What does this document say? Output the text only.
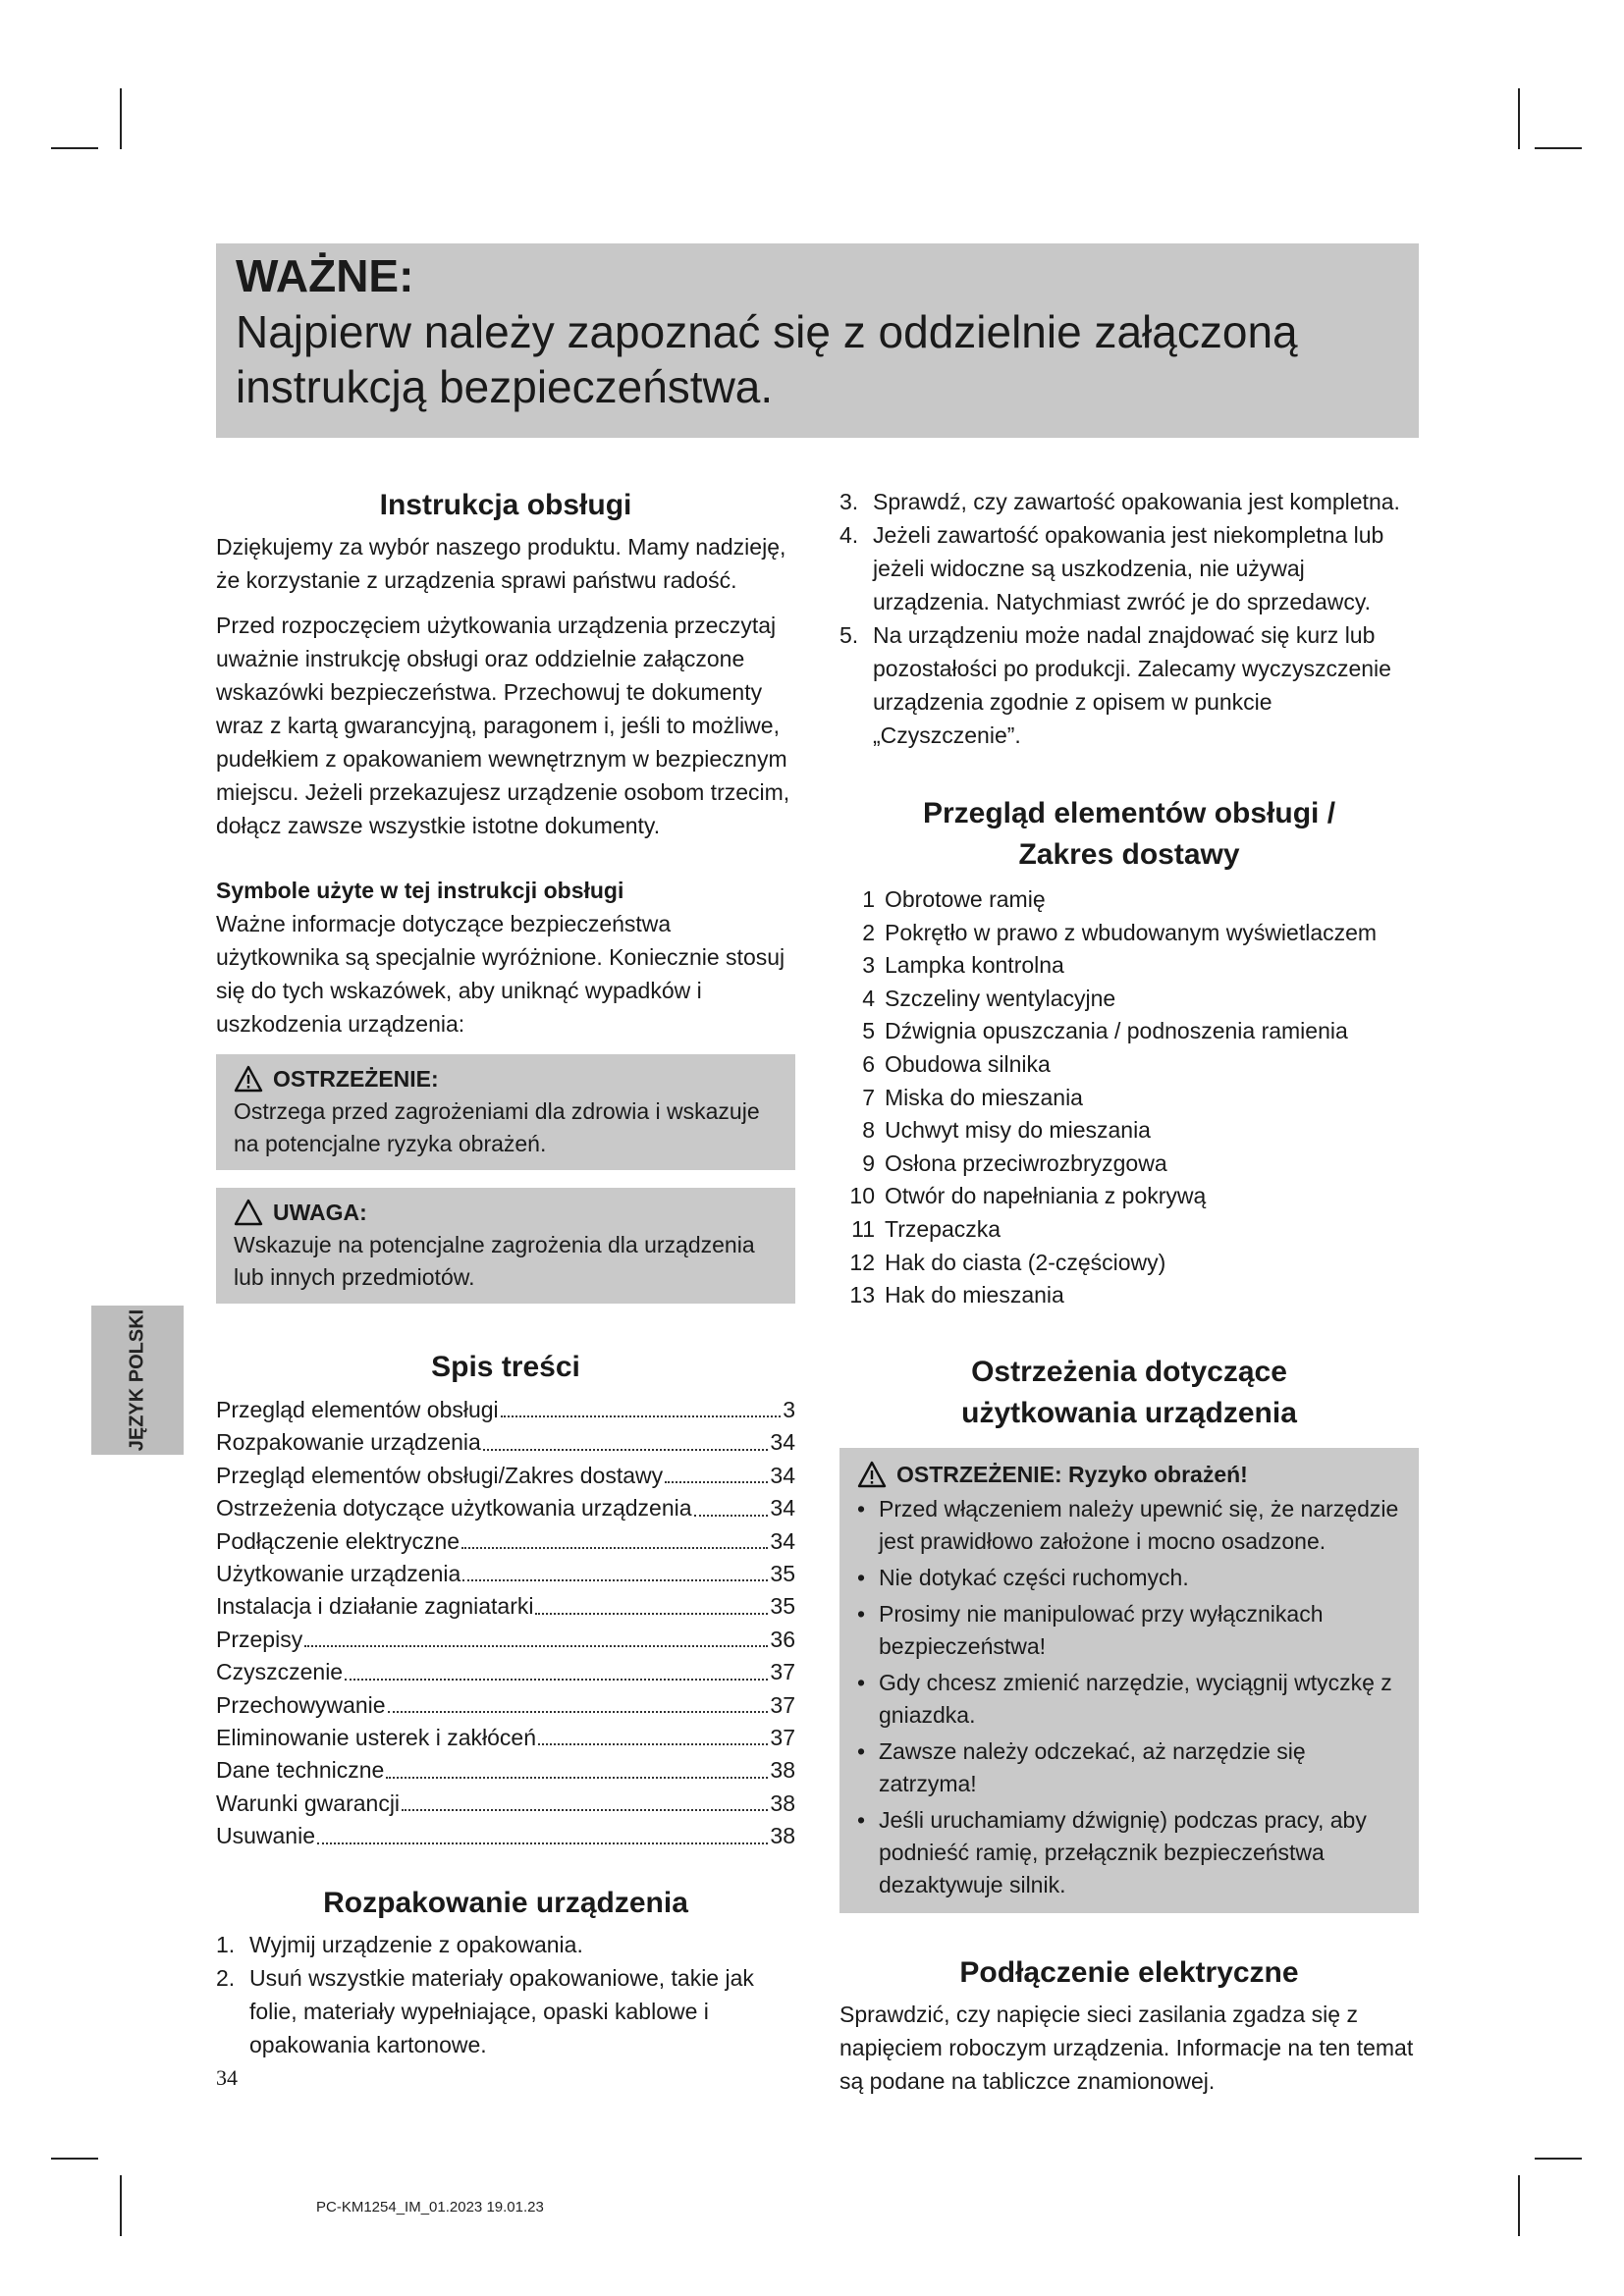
WAŻNE:
Najpierw należy zapoznać się z oddzielnie załączoną instrukcją bezpieczeństwa.
Instrukcja obsługi

Dziękujemy za wybór naszego produktu. Mamy nadzieję, że korzystanie z urządzenia sprawi państwu radość.

Przed rozpoczęciem użytkowania urządzenia przeczytaj uważnie instrukcję obsługi oraz oddzielnie załączone wskazówki bezpieczeństwa. Przechowuj te dokumenty wraz z kartą gwarancyjną, paragonem i, jeśli to możliwe, pudełkiem z opakowaniem wewnętrznym w bezpiecznym miejscu. Jeżeli przekazujesz urządzenie osobom trzecim, dołącz zawsze wszystkie istotne dokumenty.

Symbole użyte w tej instrukcji obsługi

Ważne informacje dotyczące bezpieczeństwa użytkownika są specjalnie wyróżnione. Koniecznie stosuj się do tych wskazówek, aby uniknąć wypadków i uszkodzenia urządzenia:

OSTRZEŻENIE:
Ostrzega przed zagrożeniami dla zdrowia i wskazuje na potencjalne ryzyka obrażeń.
UWAGA:
Wskazuje na potencjalne zagrożenia dla urządzenia lub innych przedmiotów.
Spis treści
Przegląd elementów obsługi	3
Rozpakowanie urządzenia	34
Przegląd elementów obsługi/Zakres dostawy	34
Ostrzeżenia dotyczące użytkowania urządzenia	34
Podłączenie elektryczne	34
Użytkowanie urządzenia	35
Instalacja i działanie zagniatarki	35
Przepisy	36
Czyszczenie	37
Przechowywanie	37
Eliminowanie usterek i zakłóceń	37
Dane techniczne	38
Warunki gwarancji	38
Usuwanie	38
Rozpakowanie urządzenia
1. Wyjmij urządzenie z opakowania.
2. Usuń wszystkie materiały opakowaniowe, takie jak folie, materiały wypełniające, opaski kablowe i opakowania kartonowe.
3. Sprawdź, czy zawartość opakowania jest kompletna.
4. Jeżeli zawartość opakowania jest niekompletna lub jeżeli widoczne są uszkodzenia, nie używaj urządzenia. Natychmiast zwróć je do sprzedawcy.
5. Na urządzeniu może nadal znajdować się kurz lub pozostałości po produkcji. Zalecamy wyczyszczenie urządzenia zgodnie z opisem w punkcie „Czyszczenie”.
Przegląd elementów obsługi /
Zakres dostawy
1 Obrotowe ramię
2 Pokrętło w prawo z wbudowanym wyświetlaczem
3 Lampka kontrolna
4 Szczeliny wentylacyjne
5 Dźwignia opuszczania / podnoszenia ramienia
6 Obudowa silnika
7 Miska do mieszania
8 Uchwyt misy do mieszania
9 Osłona przeciwrozbryzgowa
10 Otwór do napełniania z pokrywą
11 Trzepaczka
12 Hak do ciasta (2-częściowy)
13 Hak do mieszania
Ostrzeżenia dotyczące
użytkowania urządzenia
OSTRZEŻENIE: Ryzyko obrażeń!
• Przed włączeniem należy upewnić się, że narzędzie jest prawidłowo założone i mocno osadzone.
• Nie dotykać części ruchomych.
• Prosimy nie manipulować przy wyłącznikach bezpieczeństwa!
• Gdy chcesz zmienić narzędzie, wyciągnij wtyczkę z gniazdka.
• Zawsze należy odczekać, aż narzędzie się zatrzyma!
• Jeśli uruchamiamy dźwignię) podczas pracy, aby podnieść ramię, przełącznik bezpieczeństwa dezaktywuje silnik.
Podłączenie elektryczne

Sprawdzić, czy napięcie sieci zasilania zgadza się z napięciem roboczym urządzenia. Informacje na ten temat są podane na tabliczce znamionowej.

JĘZYK POLSKI
34
PC-KM1254_IM_01.2023 19.01.23
